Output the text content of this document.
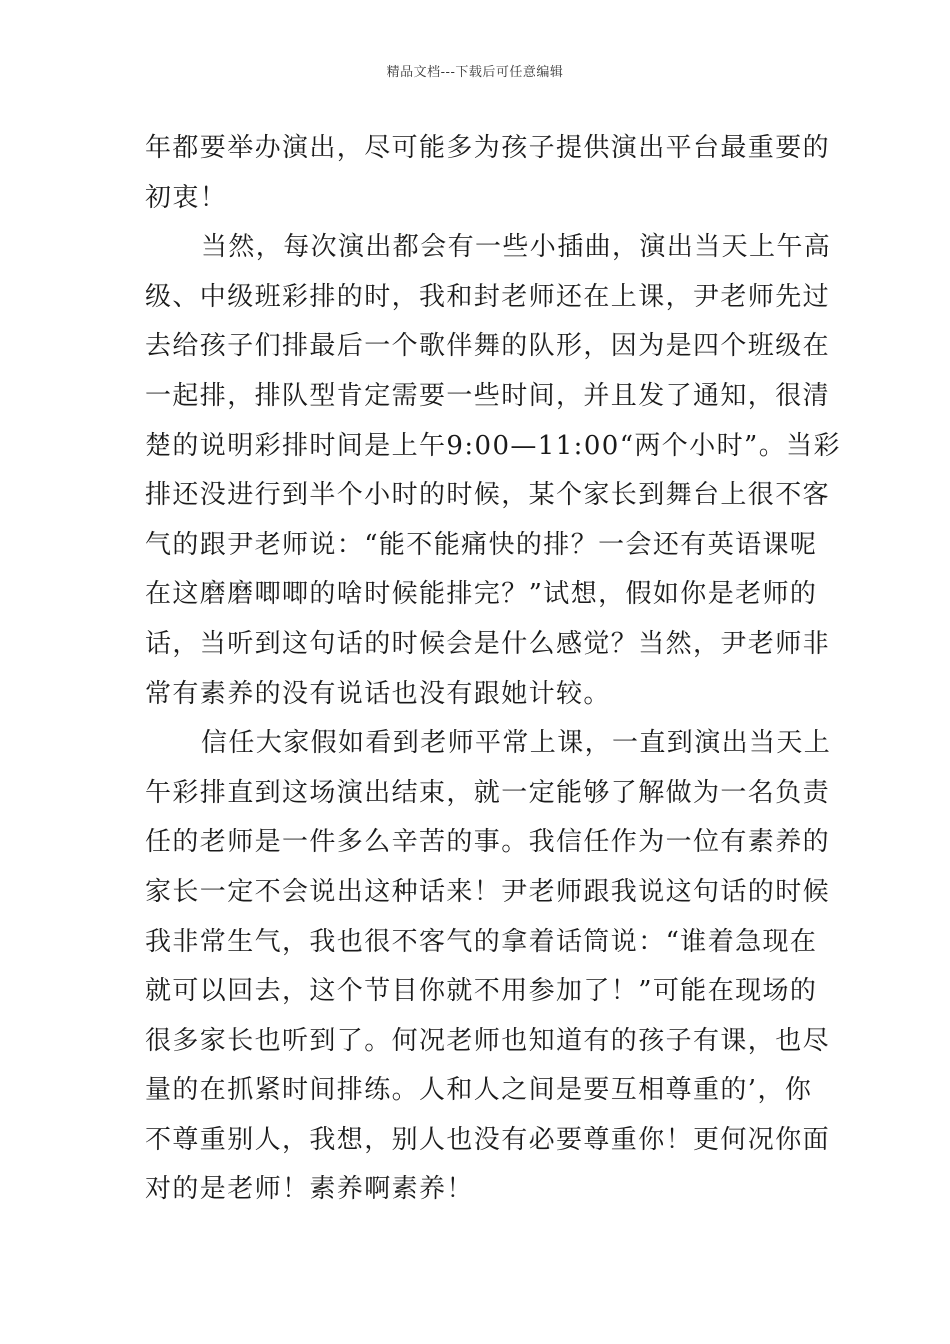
精品文档---下载后可任意编辑
年都要举办演出，尽可能多为孩子提供演出平台最重要的
初衷！
当然，每次演出都会有一些小插曲，演出当天上午高
级、中级班彩排的时，我和封老师还在上课，尹老师先过
去给孩子们排最后一个歌伴舞的队形，因为是四个班级在
一起排，排队型肯定需要一些时间，并且发了通知，很清
楚的说明彩排时间是上午9:00—11:00“两个小时”。当彩
排还没进行到半个小时的时候，某个家长到舞台上很不客
气的跟尹老师说：“能不能痛快的排？一会还有英语课呢
在这磨磨唧唧的啥时候能排完？”试想，假如你是老师的
话，当听到这句话的时候会是什么感觉？当然，尹老师非
常有素养的没有说话也没有跟她计较。
信任大家假如看到老师平常上课，一直到演出当天上
午彩排直到这场演出结束，就一定能够了解做为一名负责
任的老师是一件多么辛苦的事。我信任作为一位有素养的
家长一定不会说出这种话来！尹老师跟我说这句话的时候
我非常生气，我也很不客气的拿着话筒说：“谁着急现在
就可以回去，这个节目你就不用参加了！”可能在现场的
很多家长也听到了。何况老师也知道有的孩子有课，也尽
量的在抓紧时间排练。人和人之间是要互相尊重的’，你
不尊重别人，我想，别人也没有必要尊重你！更何况你面
对的是老师！素养啊素养！
